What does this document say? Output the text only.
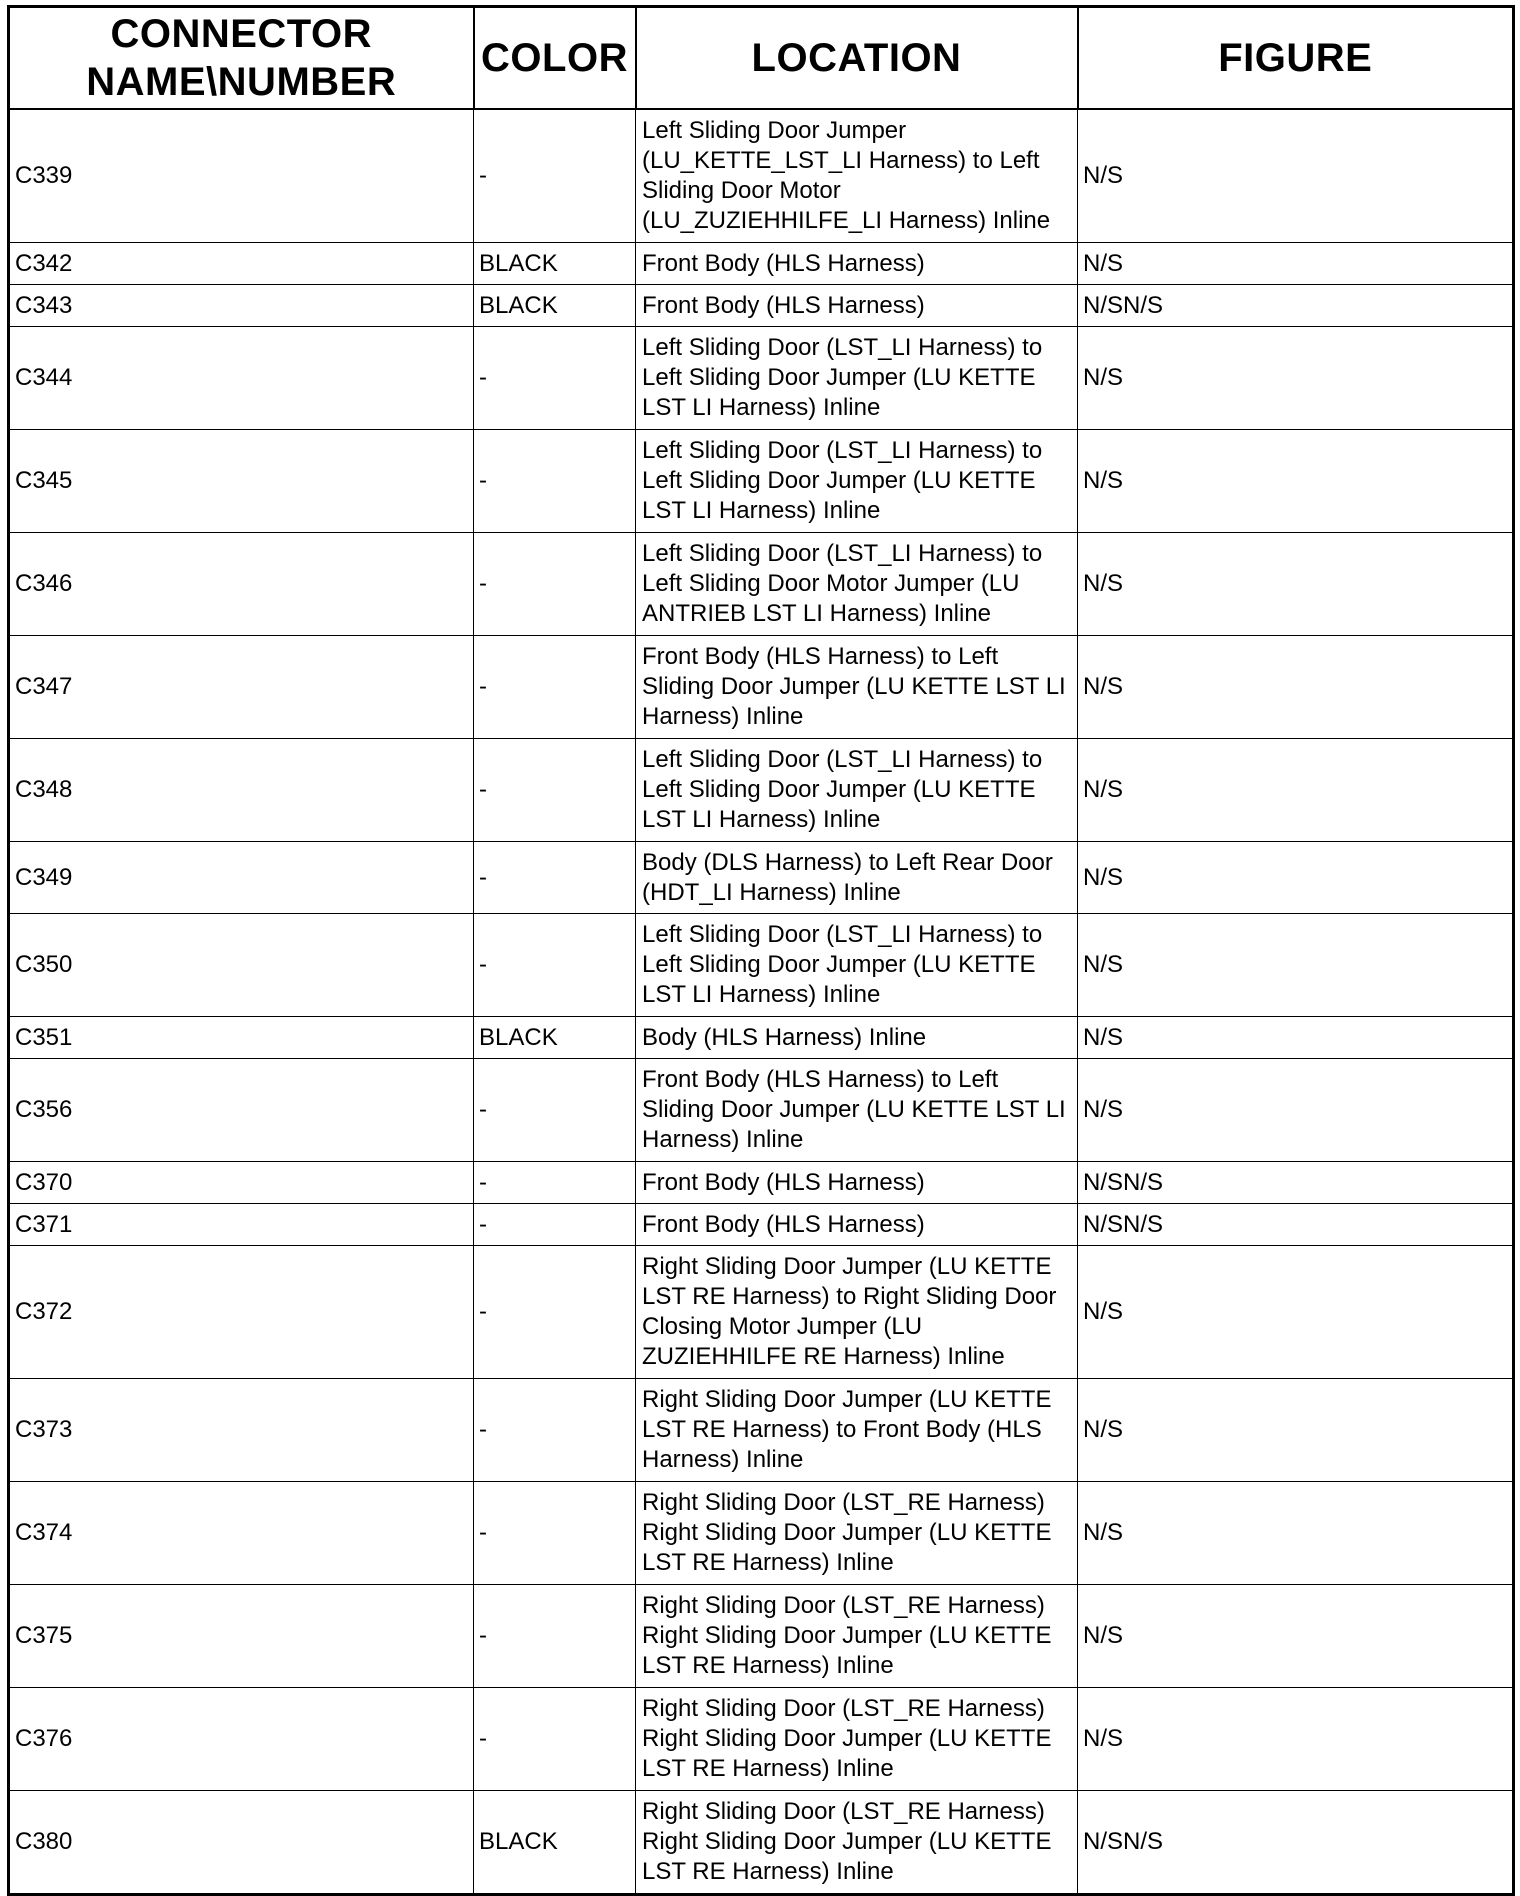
CONNECTOR
NAME\NUMBER	COLOR	LOCATION	FIGURE
C339	-	Left Sliding Door Jumper (LU_KETTE_LST_LI Harness) to Left Sliding Door Motor (LU_ZUZIEHHILFE_LI Harness) Inline	N/S
C342	BLACK	Front Body (HLS Harness)	N/S
C343	BLACK	Front Body (HLS Harness)	N/SN/S
C344	-	Left Sliding Door (LST_LI Harness) to Left Sliding Door Jumper (LU KETTE LST LI Harness) Inline	N/S
C345	-	Left Sliding Door (LST_LI Harness) to Left Sliding Door Jumper (LU KETTE LST LI Harness) Inline	N/S
C346	-	Left Sliding Door (LST_LI Harness) to Left Sliding Door Motor Jumper (LU ANTRIEB LST LI Harness) Inline	N/S
C347	-	Front Body (HLS Harness) to Left Sliding Door Jumper (LU KETTE LST LI Harness) Inline	N/S
C348	-	Left Sliding Door (LST_LI Harness) to Left Sliding Door Jumper (LU KETTE LST LI Harness) Inline	N/S
C349	-	Body (DLS Harness) to Left Rear Door (HDT_LI Harness) Inline	N/S
C350	-	Left Sliding Door (LST_LI Harness) to Left Sliding Door Jumper (LU KETTE LST LI Harness) Inline	N/S
C351	BLACK	Body (HLS Harness) Inline	N/S
C356	-	Front Body (HLS Harness) to Left Sliding Door Jumper (LU KETTE LST LI Harness) Inline	N/S
C370	-	Front Body (HLS Harness)	N/SN/S
C371	-	Front Body (HLS Harness)	N/SN/S
C372	-	Right Sliding Door Jumper (LU KETTE LST RE Harness) to Right Sliding Door Closing Motor Jumper (LU ZUZIEHHILFE RE Harness) Inline	N/S
C373	-	Right Sliding Door Jumper (LU KETTE LST RE Harness) to Front Body (HLS Harness) Inline	N/S
C374	-	Right Sliding Door (LST_RE Harness) Right Sliding Door Jumper (LU KETTE LST RE Harness) Inline	N/S
C375	-	Right Sliding Door (LST_RE Harness) Right Sliding Door Jumper (LU KETTE LST RE Harness) Inline	N/S
C376	-	Right Sliding Door (LST_RE Harness) Right Sliding Door Jumper (LU KETTE LST RE Harness) Inline	N/S
C380	BLACK	Right Sliding Door (LST_RE Harness) Right Sliding Door Jumper (LU KETTE LST RE Harness) Inline	N/SN/S
